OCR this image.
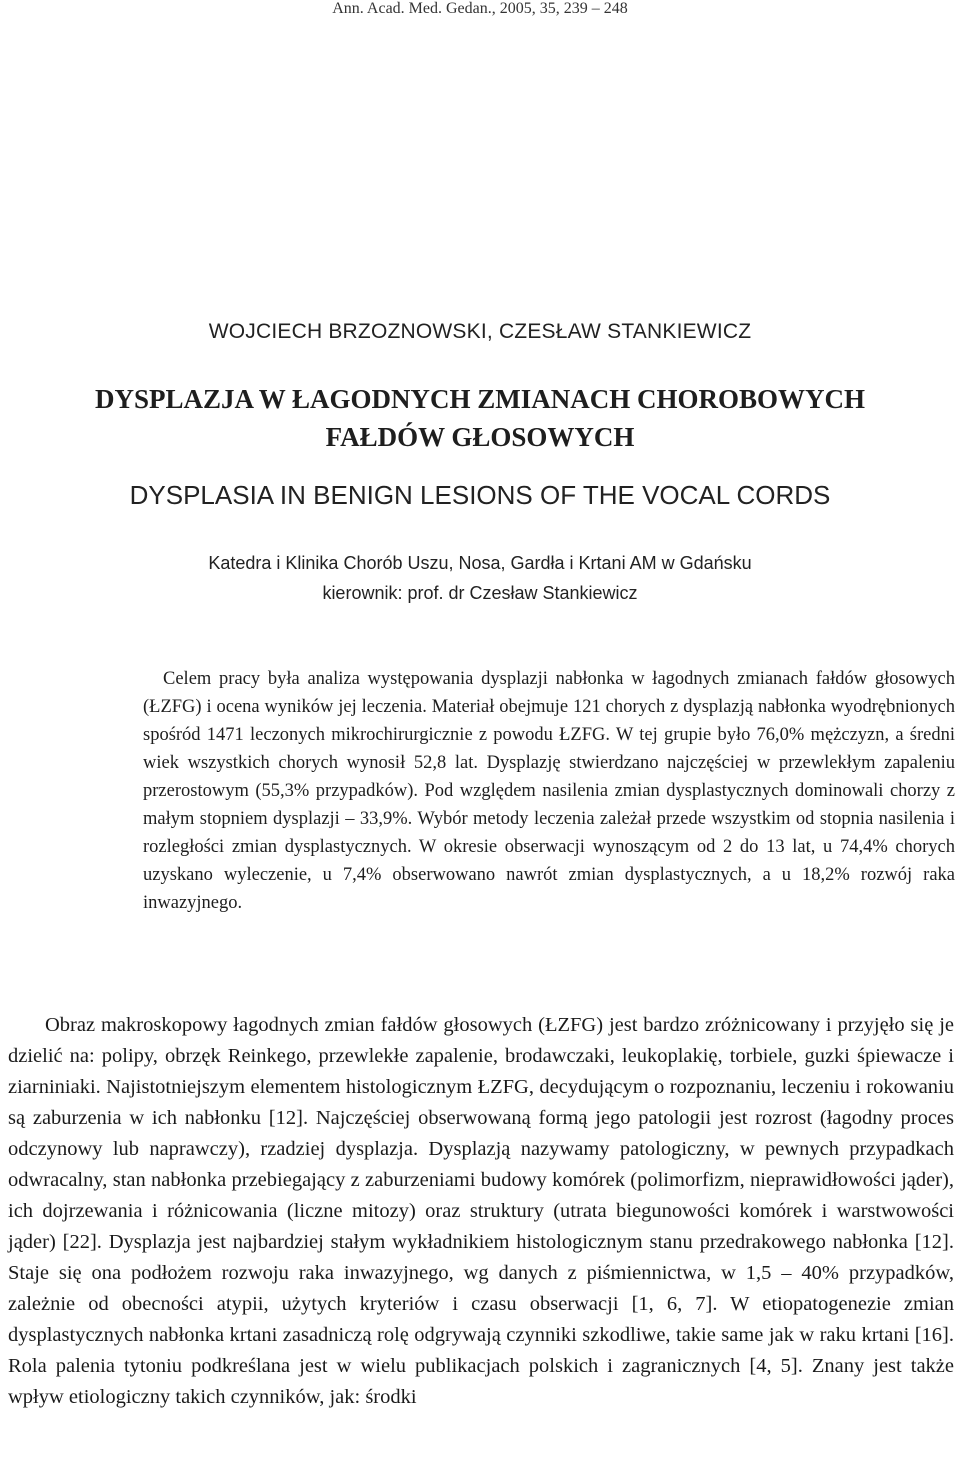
Ann. Acad. Med. Gedan., 2005, 35, 239 – 248
WOJCIECH BRZOZNOWSKI, CZESŁAW STANKIEWICZ
DYSPLAZJA W ŁAGODNYCH ZMIANACH CHOROBOWYCH
FAŁDÓW GŁOSOWYCH
DYSPLASIA IN BENIGN LESIONS OF THE VOCAL CORDS
Katedra i Klinika Chorób Uszu, Nosa, Gardła i Krtani AM w Gdańsku
kierownik: prof. dr Czesław Stankiewicz

Celem pracy była analiza występowania dysplazji nabłonka w łagodnych zmianach fałdów głosowych (ŁZFG) i ocena wyników jej leczenia. Materiał obejmuje 121 chorych z dysplazją nabłonka wyodrębnionych spośród 1471 leczonych mikrochirurgicznie z powodu ŁZFG. W tej grupie było 76,0% mężczyzn, a średni wiek wszystkich chorych wynosił 52,8 lat. Dysplazję stwierdzano najczęściej w przewlekłym zapaleniu przerostowym (55,3% przypadków). Pod względem nasilenia zmian dysplastycznych dominowali chorzy z małym stopniem dysplazji – 33,9%. Wybór metody leczenia zależał przede wszystkim od stopnia nasilenia i rozległości zmian dysplastycznych. W okresie obserwacji wynoszącym od 2 do 13 lat, u 74,4% chorych uzyskano wyleczenie, u 7,4% obserwowano nawrót zmian dysplastycznych, a u 18,2% rozwój raka inwazyjnego.

Obraz makroskopowy łagodnych zmian fałdów głosowych (ŁZFG) jest bardzo zróżnicowany i przyjęło się je dzielić na: polipy, obrzęk Reinkego, przewlekłe zapalenie, brodawczaki, leukoplakię, torbiele, guzki śpiewacze i ziarniniaki. Najistotniejszym elementem histologicznym ŁZFG, decydującym o rozpoznaniu, leczeniu i rokowaniu są zaburzenia w ich nabłonku [12]. Najczęściej obserwowaną formą jego patologii jest rozrost (łagodny proces odczynowy lub naprawczy), rzadziej dysplazja. Dysplazją nazywamy patologiczny, w pewnych przypadkach odwracalny, stan nabłonka przebiegający z zaburzeniami budowy komórek (polimorfizm, nieprawidłowości jąder), ich dojrzewania i różnicowania (liczne mitozy) oraz struktury (utrata biegunowości komórek i warstwowości jąder) [22]. Dysplazja jest najbardziej stałym wykładnikiem histologicznym stanu przedrakowego nabłonka [12]. Staje się ona podłożem rozwoju raka inwazyjnego, wg danych z piśmiennictwa, w 1,5 – 40% przypadków, zależnie od obecności atypii, użytych kryteriów i czasu obserwacji [1, 6, 7]. W etiopatogenezie zmian dysplastycznych nabłonka krtani zasadniczą rolę odgrywają czynniki szkodliwe, takie same jak w raku krtani [16]. Rola palenia tytoniu podkreślana jest w wielu publikacjach polskich i zagranicznych [4, 5]. Znany jest także wpływ etiologiczny takich czynników, jak: środki
